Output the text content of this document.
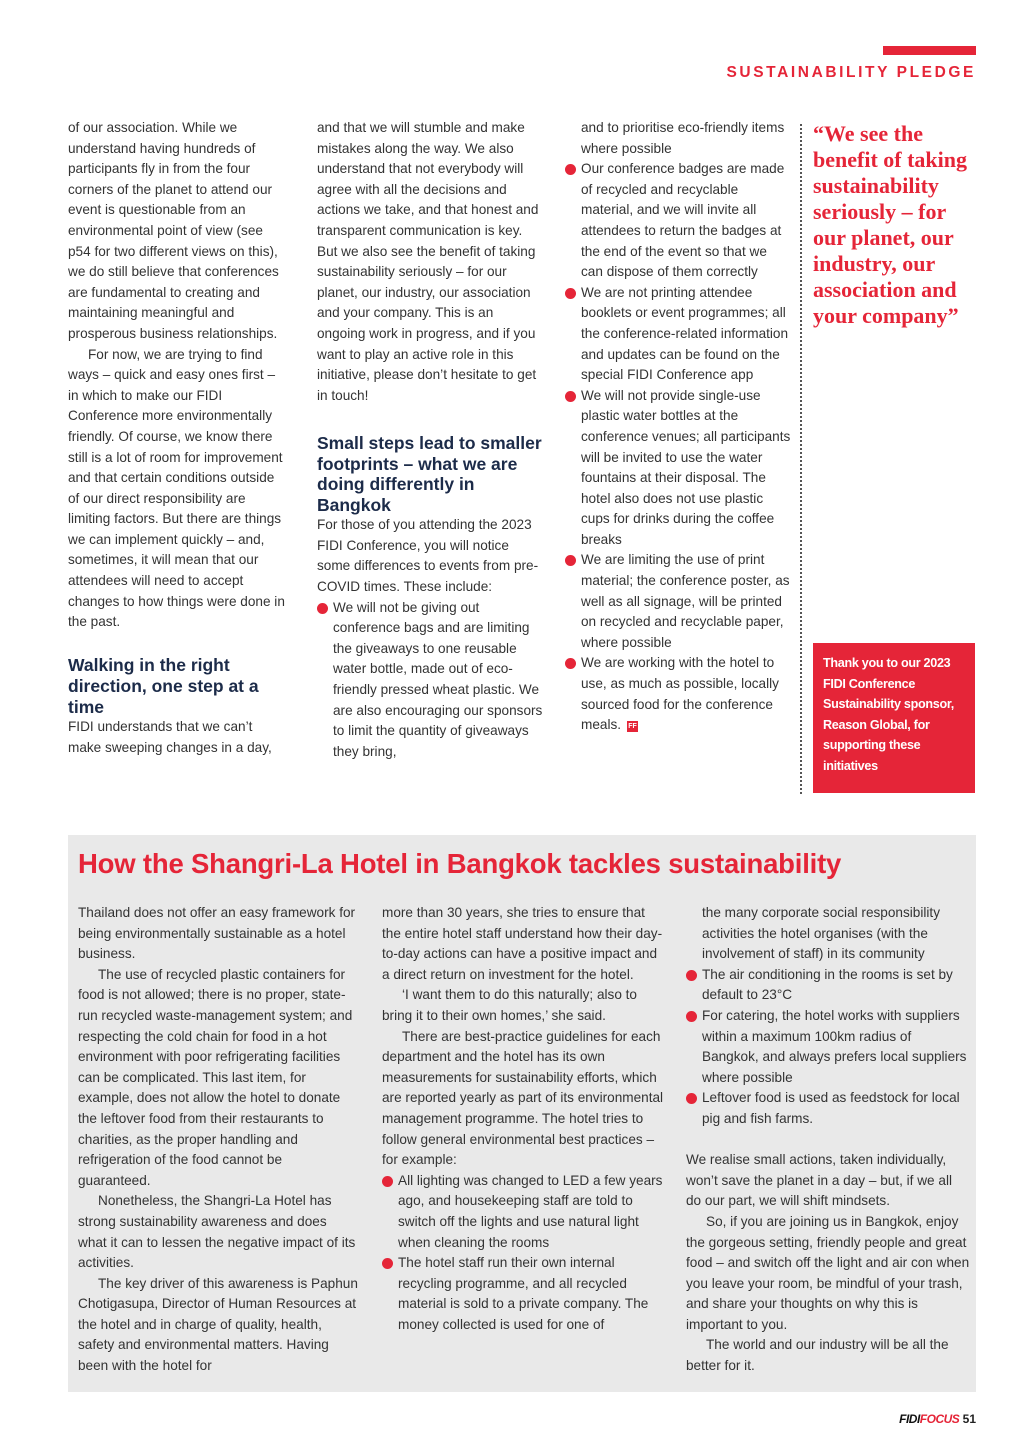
SUSTAINABILITY PLEDGE

of our association. While we understand having hundreds of participants fly in from the four corners of the planet to attend our event is questionable from an environmental point of view (see p54 for two different views on this), we do still believe that conferences are fundamental to creating and maintaining meaningful and prosperous business relationships.

For now, we are trying to find ways – quick and easy ones first – in which to make our FIDI Conference more environmentally friendly. Of course, we know there still is a lot of room for improvement and that certain conditions outside of our direct responsibility are limiting factors. But there are things we can implement quickly – and, sometimes, it will mean that our attendees will need to accept changes to how things were done in the past.

Walking in the right direction, one step at a time

FIDI understands that we can’t make sweeping changes in a day,

and that we will stumble and make mistakes along the way. We also understand that not everybody will agree with all the decisions and actions we take, and that honest and transparent communication is key. But we also see the benefit of taking sustainability seriously – for our planet, our industry, our association and your company. This is an ongoing work in progress, and if you want to play an active role in this initiative, please don’t hesitate to get in touch!

Small steps lead to smaller footprints – what we are doing differently in Bangkok

For those of you attending the 2023 FIDI Conference, you will notice some differences to events from pre-COVID times. These include:

We will not be giving out conference bags and are limiting the giveaways to one reusable water bottle, made out of eco-friendly pressed wheat plastic. We are also encouraging our sponsors to limit the quantity of giveaways they bring,

and to prioritise eco-friendly items where possible

Our conference badges are made of recycled and recyclable material, and we will invite all attendees to return the badges at the end of the event so that we can dispose of them correctly
We are not printing attendee booklets or event programmes; all the conference-related information and updates can be found on the special FIDI Conference app
We will not provide single-use plastic water bottles at the conference venues; all participants will be invited to use the water fountains at their disposal. The hotel also does not use plastic cups for drinks during the coffee breaks
We are limiting the use of print material; the conference poster, as well as all signage, will be printed on recycled and recyclable paper, where possible
We are working with the hotel to use, as much as possible, locally sourced food for the conference meals. FF
“We see the benefit of taking sustainability seriously – for our planet, our industry, our association and your company”
Thank you to our 2023 FIDI Conference Sustainability sponsor, Reason Global, for supporting these initiatives
How the Shangri-La Hotel in Bangkok tackles sustainability

Thailand does not offer an easy framework for being environmentally sustainable as a hotel business.

The use of recycled plastic containers for food is not allowed; there is no proper, state-run recycled waste-management system; and respecting the cold chain for food in a hot environment with poor refrigerating facilities can be complicated. This last item, for example, does not allow the hotel to donate the leftover food from their restaurants to charities, as the proper handling and refrigeration of the food cannot be guaranteed.

Nonetheless, the Shangri-La Hotel has strong sustainability awareness and does what it can to lessen the negative impact of its activities.

The key driver of this awareness is Paphun Chotigasupa, Director of Human Resources at the hotel and in charge of quality, health, safety and environmental matters. Having been with the hotel for

more than 30 years, she tries to ensure that the entire hotel staff understand how their day-to-day actions can have a positive impact and a direct return on investment for the hotel.

‘I want them to do this naturally; also to bring it to their own homes,’ she said.

There are best-practice guidelines for each department and the hotel has its own measurements for sustainability efforts, which are reported yearly as part of its environmental management programme. The hotel tries to follow general environmental best practices – for example:

All lighting was changed to LED a few years ago, and housekeeping staff are told to switch off the lights and use natural light when cleaning the rooms
The hotel staff run their own internal recycling programme, and all recycled material is sold to a private company. The money collected is used for one of

the many corporate social responsibility activities the hotel organises (with the involvement of staff) in its community

The air conditioning in the rooms is set by default to 23°C
For catering, the hotel works with suppliers within a maximum 100km radius of Bangkok, and always prefers local suppliers where possible
Leftover food is used as feedstock for local pig and fish farms.

We realise small actions, taken individually, won’t save the planet in a day – but, if we all do our part, we will shift mindsets.

So, if you are joining us in Bangkok, enjoy the gorgeous setting, friendly people and great food – and switch off the light and air con when you leave your room, be mindful of your trash, and share your thoughts on why this is important to you.

The world and our industry will be all the better for it.

FIDIFOCUS 51
